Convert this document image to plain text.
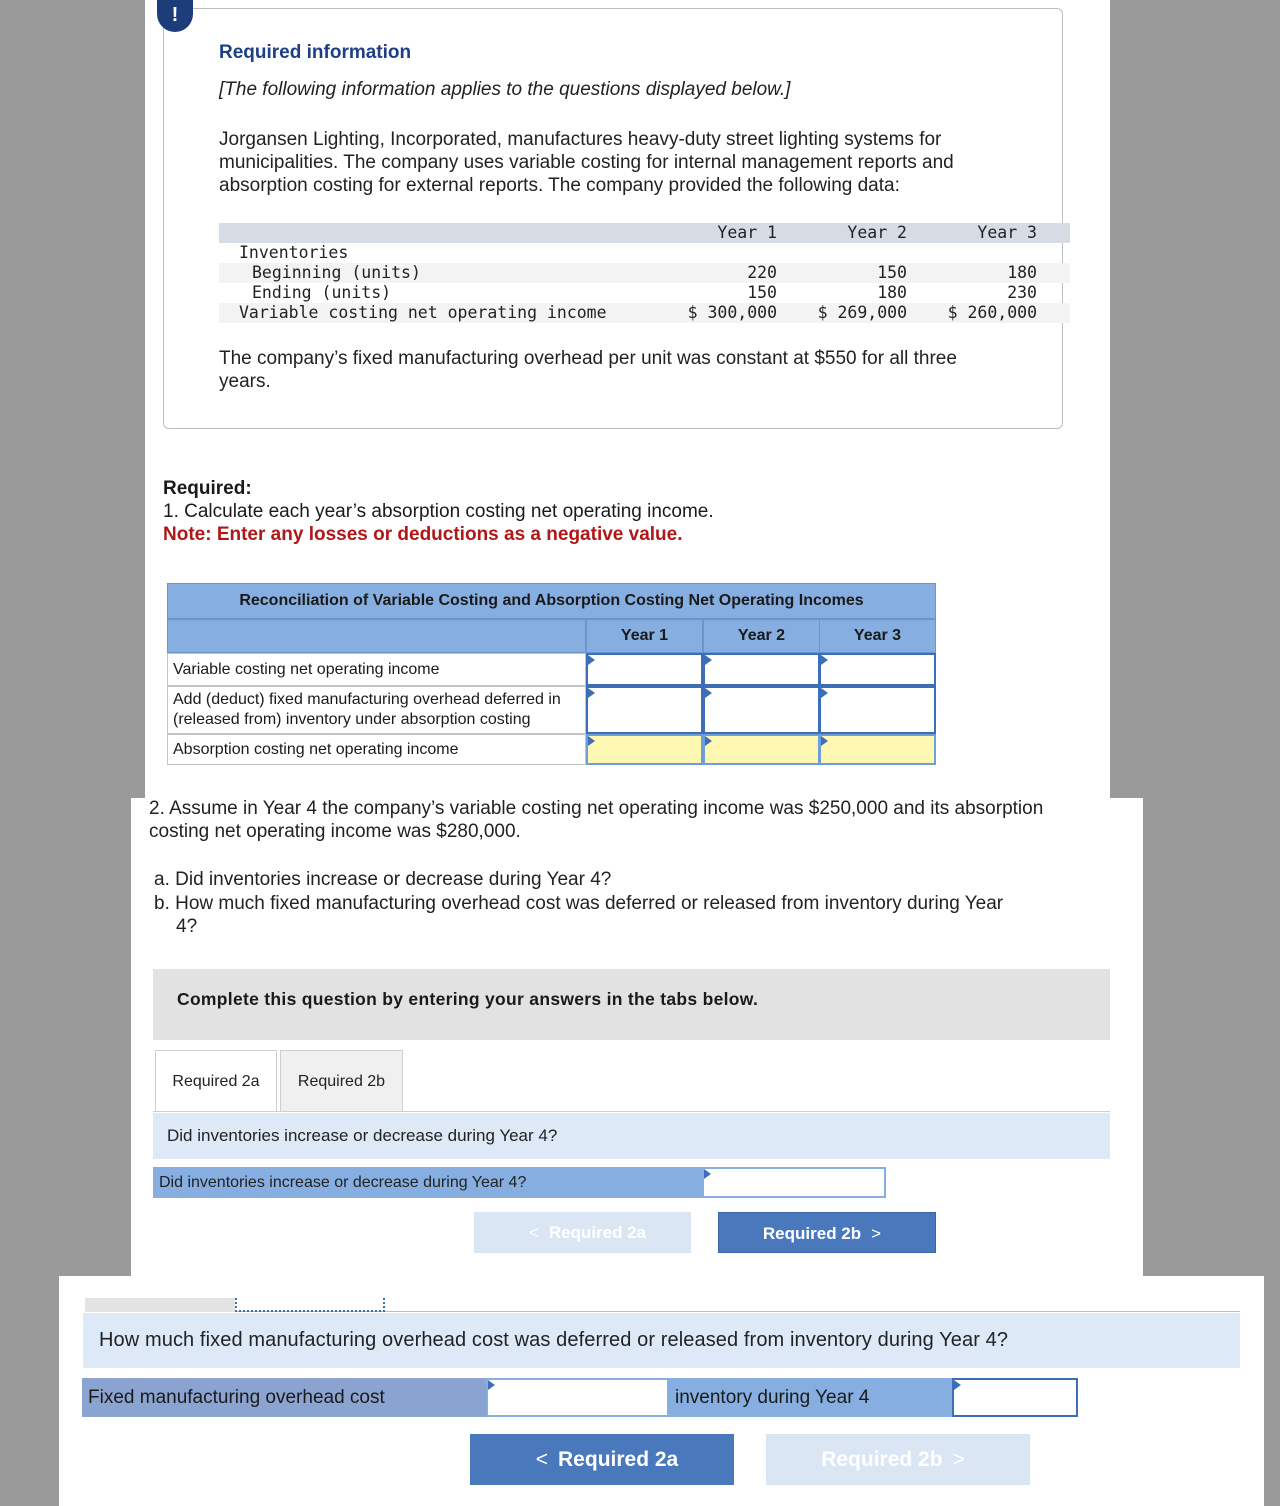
!
Required information
[The following information applies to the questions displayed below.]
Jorgansen Lighting, Incorporated, manufactures heavy-duty street lighting systems for municipalities. The company uses variable costing for internal management reports and absorption costing for external reports. The company provided the following data:
Year 1	Year 2	Year 3
Inventories
Beginning (units)	220	150	180
Ending (units)	150	180	230
Variable costing net operating income	$ 300,000	$ 269,000	$ 260,000
The company’s fixed manufacturing overhead per unit was constant at $550 for all three years.
Required:
1. Calculate each year’s absorption costing net operating income.
Note: Enter any losses or deductions as a negative value.
Reconciliation of Variable Costing and Absorption Costing Net Operating Incomes
Year 1	Year 2	Year 3
Variable costing net operating income
Add (deduct) fixed manufacturing overhead deferred in (released from) inventory under absorption costing
Absorption costing net operating income
2. Assume in Year 4 the company’s variable costing net operating income was $250,000 and its absorption costing net operating income was $280,000.
a. Did inventories increase or decrease during Year 4?
b. How much fixed manufacturing overhead cost was deferred or released from inventory during Year
4?
Complete this question by entering your answers in the tabs below.
Required 2a	Required 2b
Did inventories increase or decrease during Year 4?
Did inventories increase or decrease during Year 4?
< Required 2a	Required 2b >
How much fixed manufacturing overhead cost was deferred or released from inventory during Year 4?
Fixed manufacturing overhead cost	inventory during Year 4
< Required 2a	Required 2b >
